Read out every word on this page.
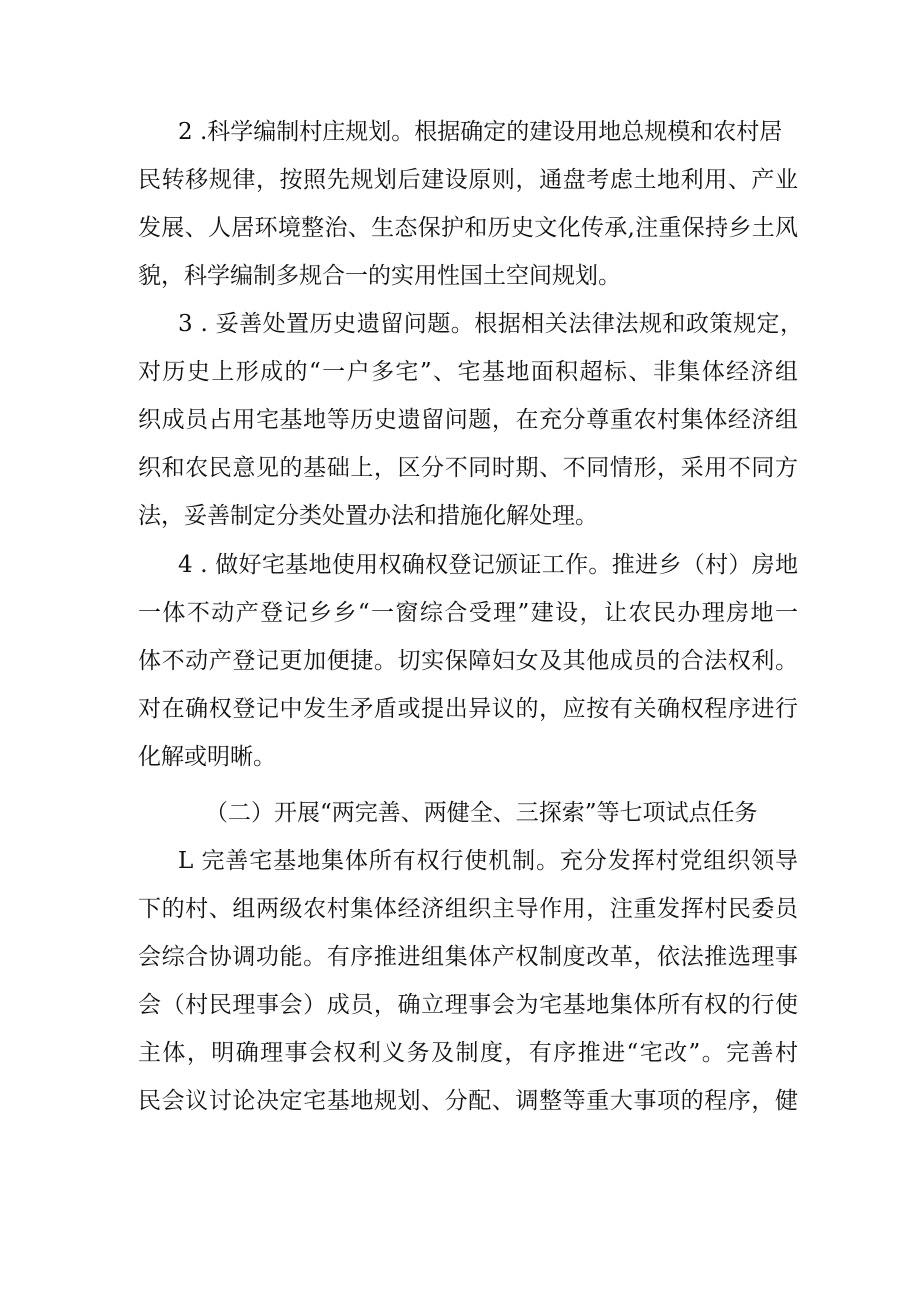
2 .科学编制村庄规划。根据确定的建设用地总规模和农村居
民转移规律，按照先规划后建设原则，通盘考虑土地利用、产业
发展、人居环境整治、生态保护和历史文化传承,注重保持乡土风
貌，科学编制多规合一的实用性国土空间规划。
3 . 妥善处置历史遗留问题。根据相关法律法规和政策规定，
对历史上形成的“一户多宅”、宅基地面积超标、非集体经济组
织成员占用宅基地等历史遗留问题，在充分尊重农村集体经济组
织和农民意见的基础上，区分不同时期、不同情形，采用不同方
法，妥善制定分类处置办法和措施化解处理。
4 . 做好宅基地使用权确权登记颁证工作。推进乡（村）房地
一体不动产登记乡乡“一窗综合受理”建设，让农民办理房地一
体不动产登记更加便捷。切实保障妇女及其他成员的合法权利。
对在确权登记中发生矛盾或提出异议的，应按有关确权程序进行
化解或明晰。
（二）开展“两完善、两健全、三探索”等七项试点任务
L 完善宅基地集体所有权行使机制。充分发挥村党组织领导
下的村、组两级农村集体经济组织主导作用，注重发挥村民委员
会综合协调功能。有序推进组集体产权制度改革，依法推选理事
会（村民理事会）成员，确立理事会为宅基地集体所有权的行使
主体，明确理事会权利义务及制度，有序推进“宅改”。完善村
民会议讨论决定宅基地规划、分配、调整等重大事项的程序，健
